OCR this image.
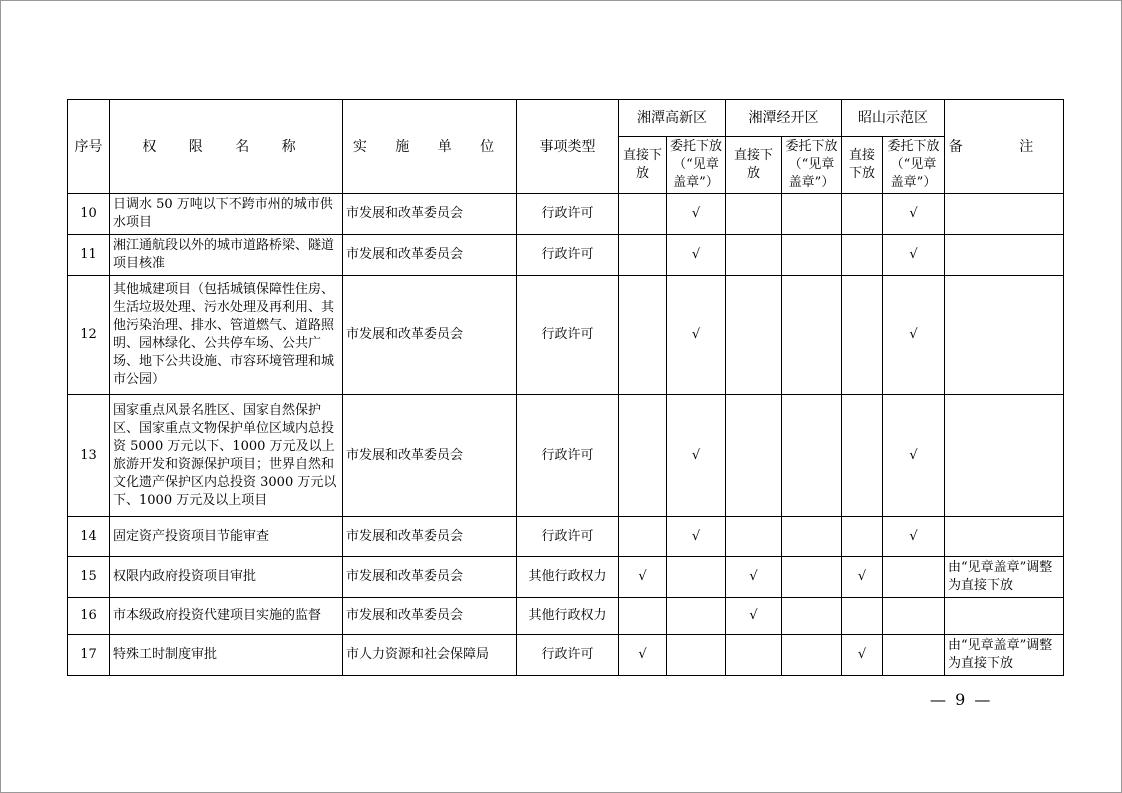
序号	权 限 名 称	实 施 单 位	事项类型	湘潭高新区		湘潭经开区		昭山示范区		备 注
				直接下放	委托下放（“见章盖章”）	直接下放	委托下放（“见章盖章”）	直接下放	委托下放（“见章盖章”）	
10	日调水 50 万吨以下不跨市州的城市供水项目	市发展和改革委员会	行政许可		√				√	
11	湘江通航段以外的城市道路桥梁、隧道项目核准	市发展和改革委员会	行政许可		√				√	
12	其他城建项目（包括城镇保障性住房、生活垃圾处理、污水处理及再利用、其他污染治理、排水、管道燃气、道路照明、园林绿化、公共停车场、公共广场、地下公共设施、市容环境管理和城市公园）	市发展和改革委员会	行政许可		√				√	
13	国家重点风景名胜区、国家自然保护区、国家重点文物保护单位区域内总投资 5000 万元以下、1000 万元及以上旅游开发和资源保护项目；世界自然和文化遗产保护区内总投资 3000 万元以下、1000 万元及以上项目	市发展和改革委员会	行政许可		√				√	
14	固定资产投资项目节能审查	市发展和改革委员会	行政许可		√				√	
15	权限内政府投资项目审批	市发展和改革委员会	其他行政权力	√		√		√		由“见章盖章”调整为直接下放
16	市本级政府投资代建项目实施的监督	市发展和改革委员会	其他行政权力			√				
17	特殊工时制度审批	市人力资源和社会保障局	行政许可	√				√		由“见章盖章”调整为直接下放
— 9 —
